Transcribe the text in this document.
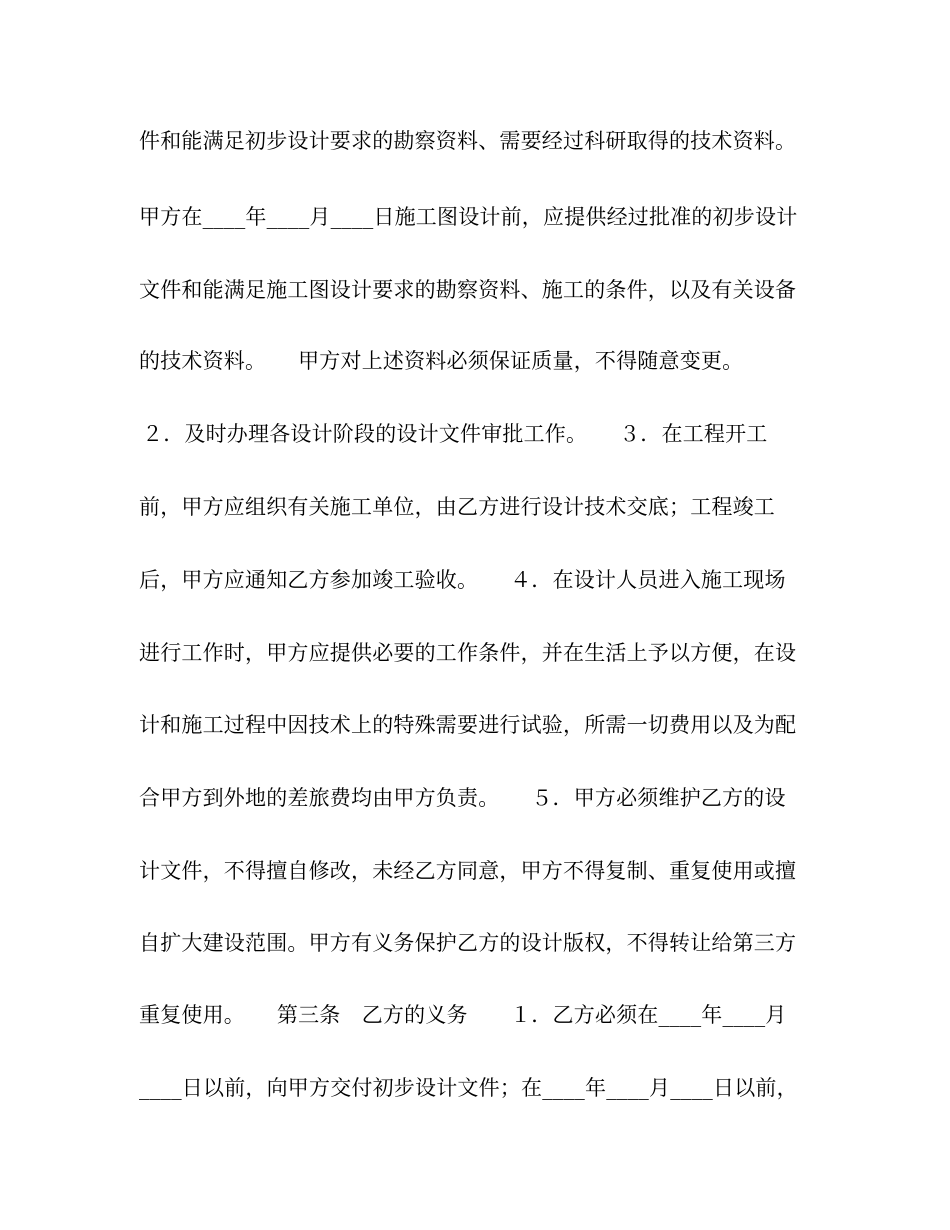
件和能满足初步设计要求的勘察资料、需要经过科研取得的技术资料。
甲方在____年____月____日施工图设计前，应提供经过批准的初步设计
文件和能满足施工图设计要求的勘察资料、施工的条件，以及有关设备
的技术资料。　　甲方对上述资料必须保证质量，不得随意变更。
２．及时办理各设计阶段的设计文件审批工作。　　３．在工程开工
前，甲方应组织有关施工单位，由乙方进行设计技术交底；工程竣工
后，甲方应通知乙方参加竣工验收。　　４．在设计人员进入施工现场
进行工作时，甲方应提供必要的工作条件，并在生活上予以方便，在设
计和施工过程中因技术上的特殊需要进行试验，所需一切费用以及为配
合甲方到外地的差旅费均由甲方负责。　　５．甲方必须维护乙方的设
计文件，不得擅自修改，未经乙方同意，甲方不得复制、重复使用或擅
自扩大建设范围。甲方有义务保护乙方的设计版权，不得转让给第三方
重复使用。　　第三条　乙方的义务　　１．乙方必须在____年____月
____日以前，向甲方交付初步设计文件；在____年____月____日以前，
